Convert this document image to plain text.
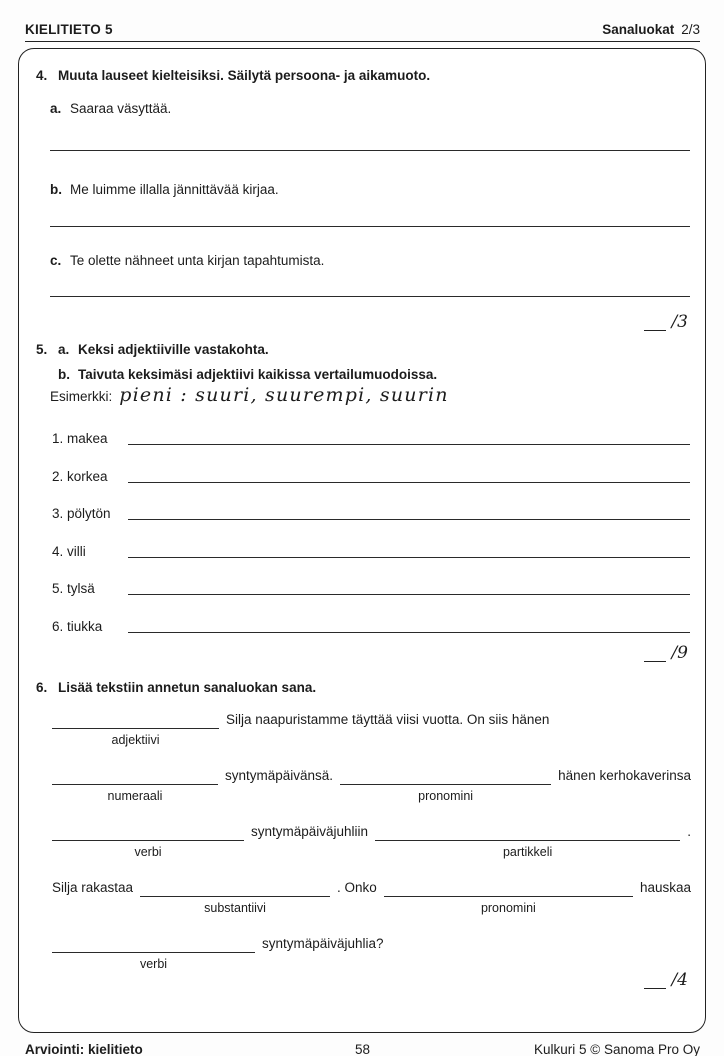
KIELITIETO 5	Sanaluokat 2/3
4. Muuta lauseet kielteisiksi. Säilytä persoona- ja aikamuoto.
a. Saaraa väsyttää.
b. Me luimme illalla jännittävää kirjaa.
c. Te olette nähneet unta kirjan tapahtumista.
/3
5. a. Keksi adjektiiville vastakohta.
b. Taivuta keksimäsi adjektiivi kaikissa vertailumuodoissa.
Esimerkki: pieni : suuri, suurempi, suurin
1. makea
2. korkea
3. pölytön
4. villi
5. tylsä
6. tiukka
/9
6. Lisää tekstiin annetun sanaluokan sana.
adjektiivi
Silja naapuristamme täyttää viisi vuotta. On siis hänen
numeraali
syntymäpäivänsä.
pronomini
hänen kerhokaverinsa
verbi
syntymäpäiväjuhliin
partikkeli
.
Silja rakastaa
substantiivi
. Onko
pronomini
hauskaa
verbi
syntymäpäiväjuhlia?
/4
Arviointi: kielitieto	58	Kulkuri 5 © Sanoma Pro Oy
